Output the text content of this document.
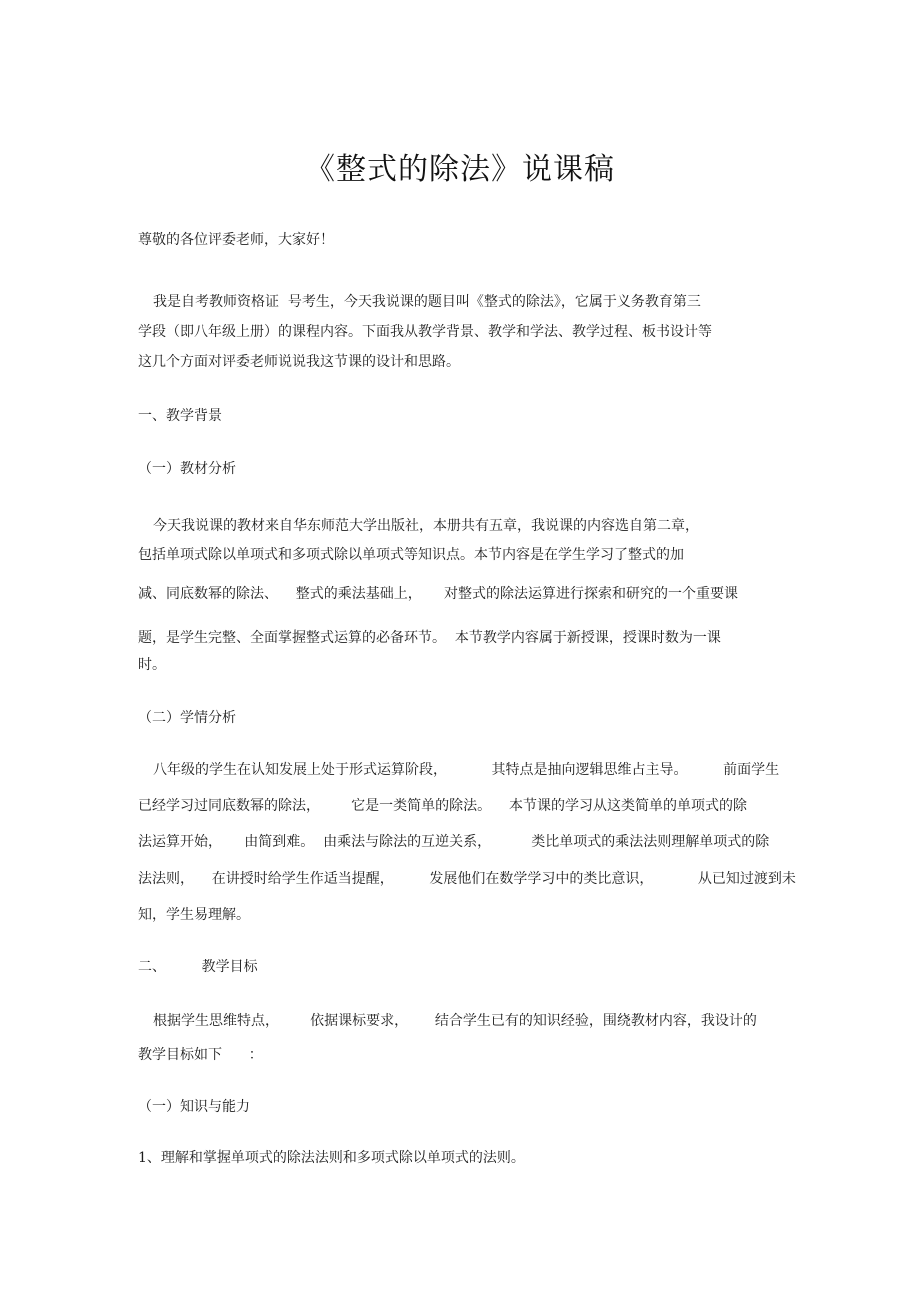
《整式的除法》说课稿
尊敬的各位评委老师，大家好！
我是自考教师资格证  号考生，今天我说课的题目叫《整式的除法》，它属于义务教育第三
学段（即八年级上册）的课程内容。下面我从教学背景、教学和学法、教学过程、板书设计等
这几个方面对评委老师说说我这节课的设计和思路。
一、教学背景
（一）教材分析
今天我说课的教材来自华东师范大学出版社，本册共有五章，我说课的内容选自第二章，
包括单项式除以单项式和多项式除以单项式等知识点。本节内容是在学生学习了整式的加
减、同底数幂的除法、    整式的乘法基础上，     对整式的除法运算进行探索和研究的一个重要课
题，是学生完整、全面掌握整式运算的必备环节。  本节教学内容属于新授课，授课时数为一课
时。
（二）学情分析
八年级的学生在认知发展上处于形式运算阶段，          其特点是抽向逻辑思维占主导。        前面学生
已经学习过同底数幂的除法，       它是一类简单的除法。    本节课的学习从这类简单的单项式的除
法运算开始，     由简到难。  由乘法与除法的互逆关系，         类比单项式的乘法法则理解单项式的除
法法则，    在讲授时给学生作适当提醒，        发展他们在数学学习中的类比意识，          从已知过渡到未
知，学生易理解。
二、        教学目标
根据学生思维特点，       依据课标要求，      结合学生已有的知识经验，围绕教材内容，我设计的
教学目标如下      ：
（一）知识与能力
1、理解和掌握单项式的除法法则和多项式除以单项式的法则。
